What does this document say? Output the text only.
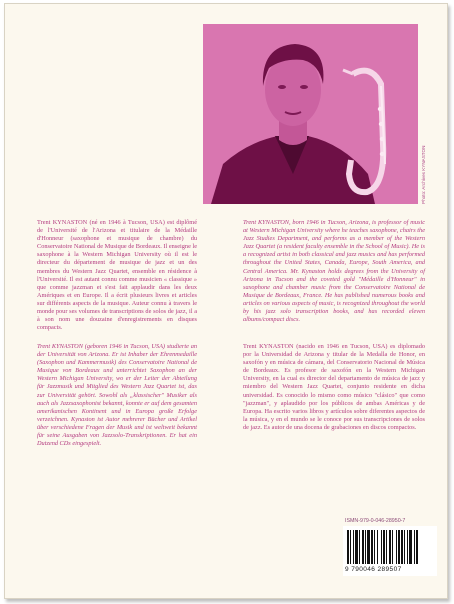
Photo: Archives KYNASTON

Trent KYNASTON (né en 1946 à Tucson, USA) est diplômé de l'Université de l'Arizona et titulaire de la Médaille d'Honneur (saxophone et musique de chambre) du Conservatoire National de Musique de Bordeaux. Il enseigne le saxophone à la Western Michigan University où il est le directeur du département de musique de jazz et un des membres du Western Jazz Quartet, ensemble en résidence à l'Université. Il est autant connu comme musicien « classique » que comme jazzman et s'est fait applaudir dans les deux Amériques et en Europe. Il a écrit plusieurs livres et articles sur différents aspects de la musique. Auteur connu à travers le monde pour ses volumes de transcriptions de solos de jazz, il a à son nom une douzaine d'enregistrements en disques compacts.

Trent KYNASTON, born 1946 in Tucson, Arizona, is professor of music at Western Michigan University where he teaches saxophone, chairs the Jazz Studies Department, and performs as a member of the Western Jazz Quartet (a resident faculty ensemble in the School of Music). He is a recognized artist in both classical and jazz musics and has performed throughout the United States, Canada, Europe, South America, and Central America. Mr. Kynaston holds degrees from the University of Arizona in Tucson and the coveted gold "Médaille d'Honneur" in saxophone and chamber music from the Conservatoire National de Musique de Bordeaux, France. He has published numerous books and articles on various aspects of music, is recognized throughout the world by his jazz solo transcription books, and has recorded eleven albums/compact discs.

Trent KYNASTON (geboren 1946 in Tucson, USA) studierte an der Universität von Arizona. Er ist Inhaber der Ehrenmedaille (Saxophon und Kammermusik) des Conservatoire National de Musique von Bordeaux und unterrichtet Saxophon an der Western Michigan University, wo er der Leiter der Abteilung für Jazzmusik und Mitglied des Western Jazz Quartet ist, das zur Universität gehört. Sowohl als „klassischer" Musiker als auch als Jazzsaxophonist bekannt, konnte er auf dem gesamten amerikanischen Kontinent und in Europa große Erfolge verzeichnen. Kynaston ist Autor mehrerer Bücher und Artikel über verschiedene Fragen der Musik und ist weltweit bekannt für seine Ausgaben von Jazzsolo-Transkriptionen. Er hat ein Dutzend CDs eingespielt.

Trent KYNASTON (nacido en 1946 en Tucson, USA) es diplomado por la Universidad de Arizona y titular de la Medalla de Honor, en saxofón y en música de cámara, del Conservatorio Nacional de Música de Bordeaux. Es profesor de saxofón en la Western Michigan University, en la cual es director del departamento de música de jazz y miembro del Western Jazz Quartet, conjunto residente en dicha universidad. Es conocido lo mismo como músico "clásico" que como "jazzman", y aplaudido por los públicos de ambas Américas y de Europa. Ha escrito varios libros y artículos sobre diferentes aspectos de la música, y en el mundo se le conoce por sus transcripciones de solos de jazz. Es autor de una docena de grabaciones en discos compactos.

ISMN-979-0-046-28950-7
9 790046 289507
